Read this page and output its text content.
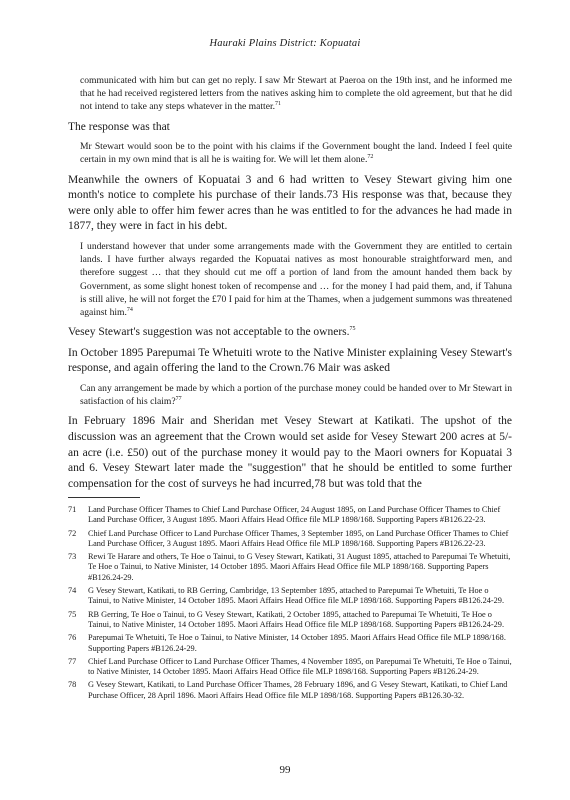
Hauraki Plains District: Kopuatai

communicated with him but can get no reply. I saw Mr Stewart at Paeroa on the 19th inst, and he informed me that he had received registered letters from the natives asking him to complete the old agreement, but that he did not intend to take any steps whatever in the matter.$^{71}$

The response was that

Mr Stewart would soon be to the point with his claims if the Government bought the land. Indeed I feel quite certain in my own mind that is all he is waiting for. We will let them alone.$^{72}$

Meanwhile the owners of Kopuatai 3 and 6 had written to Vesey Stewart giving him one month's notice to complete his purchase of their lands.73 His response was that, because they were only able to offer him fewer acres than he was entitled to for the advances he had made in 1877, they were in fact in his debt.

I understand however that under some arrangements made with the Government they are entitled to certain lands. I have further always regarded the Kopuatai natives as most honourable straightforward men, and therefore suggest … that they should cut me off a portion of land from the amount handed them back by Government, as some slight honest token of recompense and … for the money I had paid them, and, if Tahuna is still alive, he will not forget the £70 I paid for him at the Thames, when a judgement summons was threatened against him.$^{74}$

Vesey Stewart's suggestion was not acceptable to the owners.$^{75}$

In October 1895 Parepumai Te Whetuiti wrote to the Native Minister explaining Vesey Stewart's response, and again offering the land to the Crown.76 Mair was asked

Can any arrangement be made by which a portion of the purchase money could be handed over to Mr Stewart in satisfaction of his claim?$^{77}$

In February 1896 Mair and Sheridan met Vesey Stewart at Katikati. The upshot of the discussion was an agreement that the Crown would set aside for Vesey Stewart 200 acres at 5/- an acre (i.e. £50) out of the purchase money it would pay to the Maori owners for Kopuatai 3 and 6. Vesey Stewart later made the "suggestion" that he should be entitled to some further compensation for the cost of surveys he had incurred,78 but was told that the

71	Land Purchase Officer Thames to Chief Land Purchase Officer, 24 August 1895, on Land Purchase Officer Thames to Chief Land Purchase Officer, 3 August 1895. Maori Affairs Head Office file MLP 1898/168. Supporting Papers #B126.22-23.
72	Chief Land Purchase Officer to Land Purchase Officer Thames, 3 September 1895, on Land Purchase Officer Thames to Chief Land Purchase Officer, 3 August 1895. Maori Affairs Head Office file MLP 1898/168. Supporting Papers #B126.22-23.
73	Rewi Te Harare and others, Te Hoe o Tainui, to G Vesey Stewart, Katikati, 31 August 1895, attached to Parepumai Te Whetuiti, Te Hoe o Tainui, to Native Minister, 14 October 1895. Maori Affairs Head Office file MLP 1898/168. Supporting Papers #B126.24-29.
74	G Vesey Stewart, Katikati, to RB Gerring, Cambridge, 13 September 1895, attached to Parepumai Te Whetuiti, Te Hoe o Tainui, to Native Minister, 14 October 1895. Maori Affairs Head Office file MLP 1898/168. Supporting Papers #B126.24-29.
75	RB Gerring, Te Hoe o Tainui, to G Vesey Stewart, Katikati, 2 October 1895, attached to Parepumai Te Whetuiti, Te Hoe o Tainui, to Native Minister, 14 October 1895. Maori Affairs Head Office file MLP 1898/168. Supporting Papers #B126.24-29.
76	Parepumai Te Whetuiti, Te Hoe o Tainui, to Native Minister, 14 October 1895. Maori Affairs Head Office file MLP 1898/168. Supporting Papers #B126.24-29.
77	Chief Land Purchase Officer to Land Purchase Officer Thames, 4 November 1895, on Parepumai Te Whetuiti, Te Hoe o Tainui, to Native Minister, 14 October 1895. Maori Affairs Head Office file MLP 1898/168. Supporting Papers #B126.24-29.
78	G Vesey Stewart, Katikati, to Land Purchase Officer Thames, 28 February 1896, and G Vesey Stewart, Katikati, to Chief Land Purchase Officer, 28 April 1896. Maori Affairs Head Office file MLP 1898/168. Supporting Papers #B126.30-32.
99
